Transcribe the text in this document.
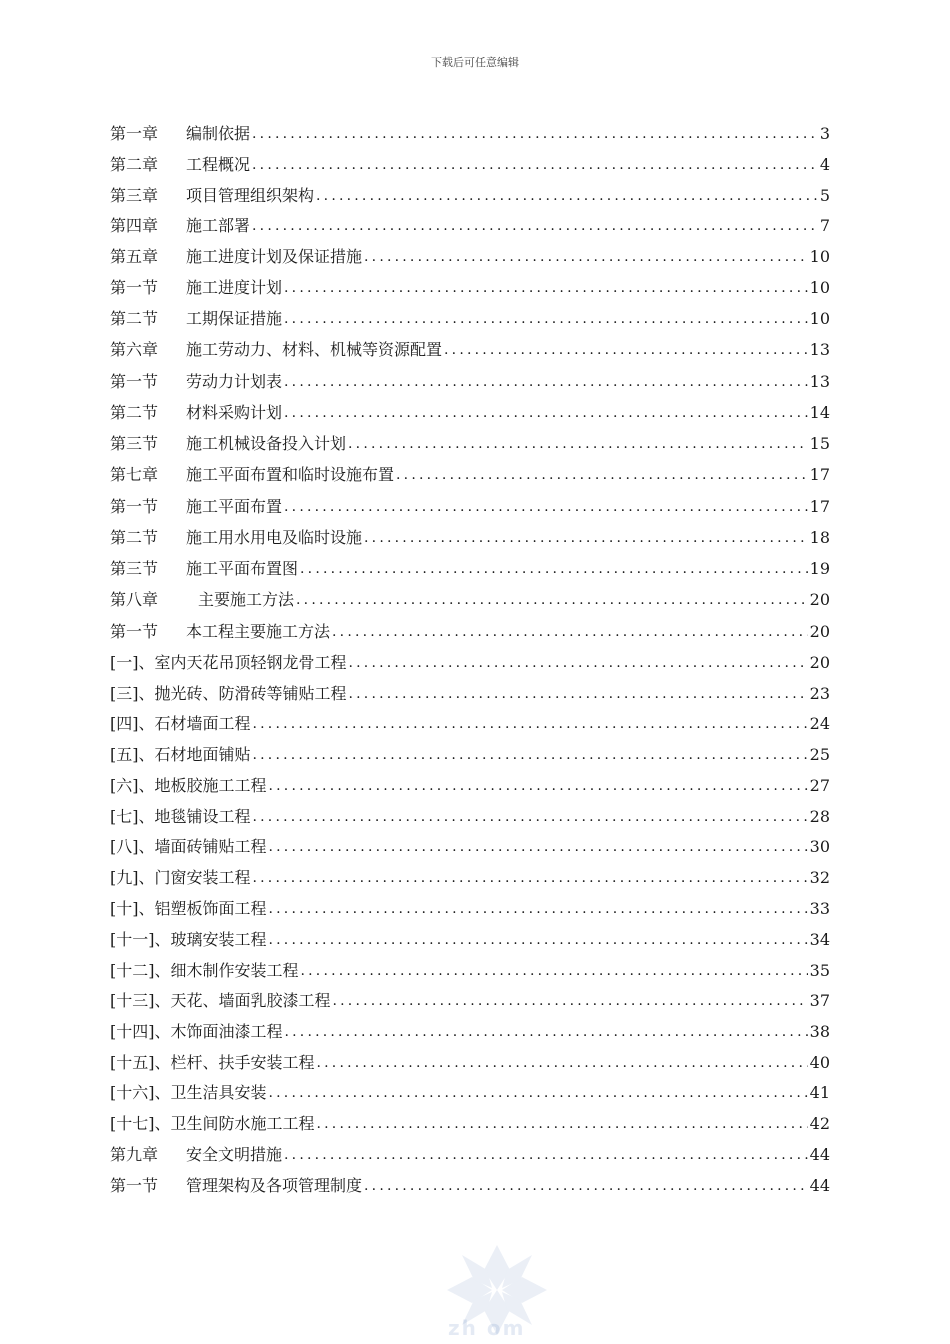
下载后可任意编辑
第一章 编制依据 .....	3
第二章 工程概况 .....	4
第三章 项目管理组织架构 .....	5
第四章 施工部署 .....	7
第五章 施工进度计划及保证措施 .....	10
第一节 施工进度计划 .....	10
第二节 工期保证措施 .....	10
第六章 施工劳动力、材料、机械等资源配置 .....	13
第一节 劳动力计划表 .....	13
第二节 材料采购计划 .....	14
第三节 施工机械设备投入计划 .....	15
第七章 施工平面布置和临时设施布置 .....	17
第一节 施工平面布置 .....	17
第二节 施工用水用电及临时设施 .....	18
第三节 施工平面布置图 .....	19
第八章 主要施工方法 .....	20
第一节 本工程主要施工方法 .....	20
[一]、室内天花吊顶轻钢龙骨工程 .....	20
[三]、抛光砖、防滑砖等铺贴工程 .....	23
[四]、石材墙面工程 .....	24
[五]、石材地面铺贴 .....	25
[六]、地板胶施工工程 .....	27
[七]、地毯铺设工程 .....	28
[八]、墙面砖铺贴工程 .....	30
[九]、门窗安装工程 .....	32
[十]、铝塑板饰面工程 .....	33
[十一]、玻璃安装工程 .....	34
[十二]、细木制作安装工程 .....	35
[十三]、天花、墙面乳胶漆工程 .....	37
[十四]、木饰面油漆工程 .....	38
[十五]、栏杆、扶手安装工程 .....	40
[十六]、卫生洁具安装 .....	41
[十七]、卫生间防水施工工程 .....	42
第九章 安全文明措施 .....	44
第一节 管理架构及各项管理制度 .....	44
zh om
